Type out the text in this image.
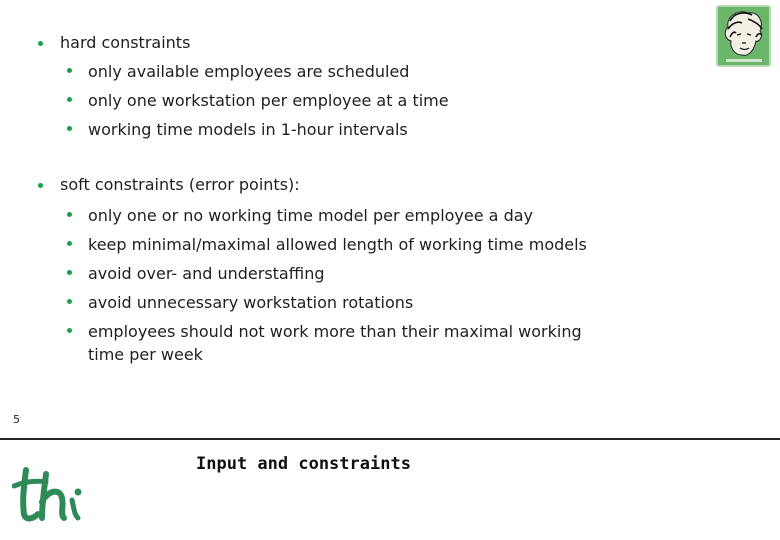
hard constraints
only available employees are scheduled
only one workstation per employee at a time
working time models in 1-hour intervals
soft constraints (error points):
only one or no working time model per employee a day
keep minimal/maximal allowed length of working time models
avoid over- and understaffing
avoid unnecessary workstation rotations
employees should not work more than their maximal working time per week
5
Input and constraints
